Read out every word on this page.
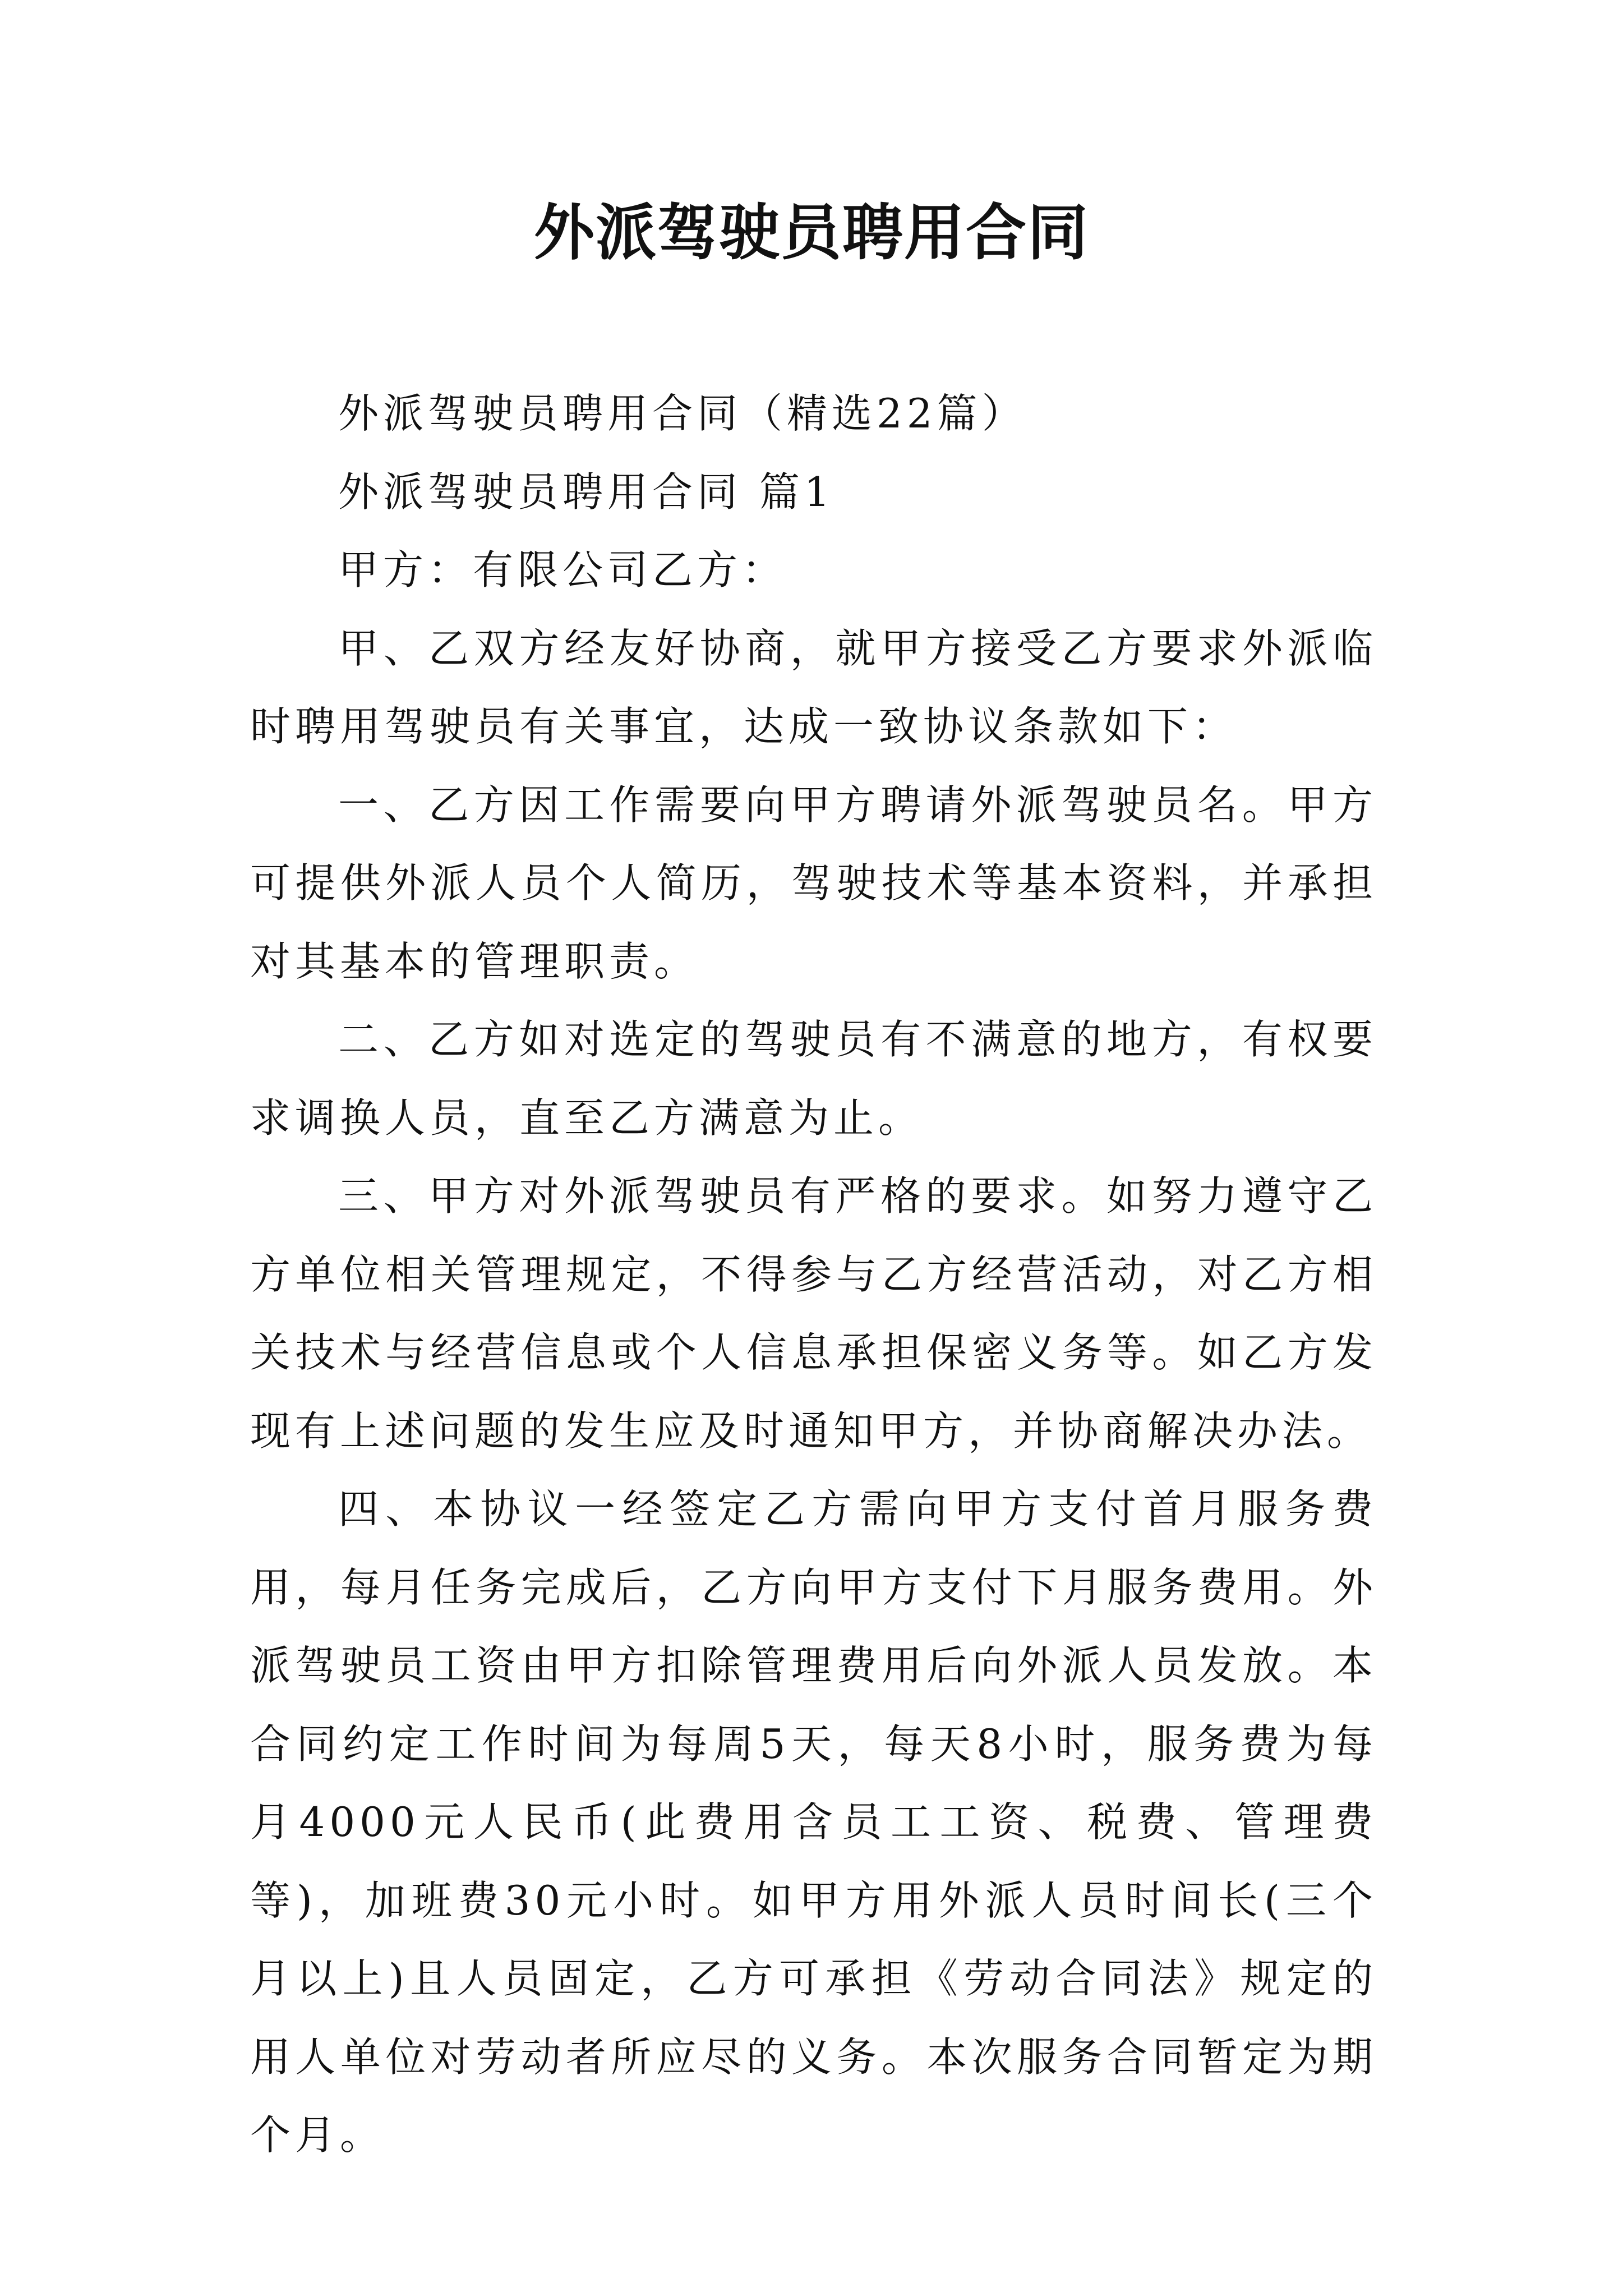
外派驾驶员聘用合同

外派驾驶员聘用合同（精选22篇）

外派驾驶员聘用合同 篇1

甲方：有限公司乙方：

甲、乙双方经友好协商，就甲方接受乙方要求外派临时聘用驾驶员有关事宜，达成一致协议条款如下：

一、乙方因工作需要向甲方聘请外派驾驶员名。甲方可提供外派人员个人简历，驾驶技术等基本资料，并承担对其基本的管理职责。

二、乙方如对选定的驾驶员有不满意的地方，有权要求调换人员，直至乙方满意为止。

三、甲方对外派驾驶员有严格的要求。如努力遵守乙方单位相关管理规定，不得参与乙方经营活动，对乙方相关技术与经营信息或个人信息承担保密义务等。如乙方发现有上述问题的发生应及时通知甲方，并协商解决办法。

四、本协议一经签定乙方需向甲方支付首月服务费用，每月任务完成后，乙方向甲方支付下月服务费用。外派驾驶员工资由甲方扣除管理费用后向外派人员发放。本合同约定工作时间为每周5天，每天8小时，服务费为每月4000元人民币(此费用含员工工资、税费、管理费等)，加班费30元小时。如甲方用外派人员时间长(三个月以上)且人员固定，乙方可承担《劳动合同法》规定的用人单位对劳动者所应尽的义务。本次服务合同暂定为期个月。
